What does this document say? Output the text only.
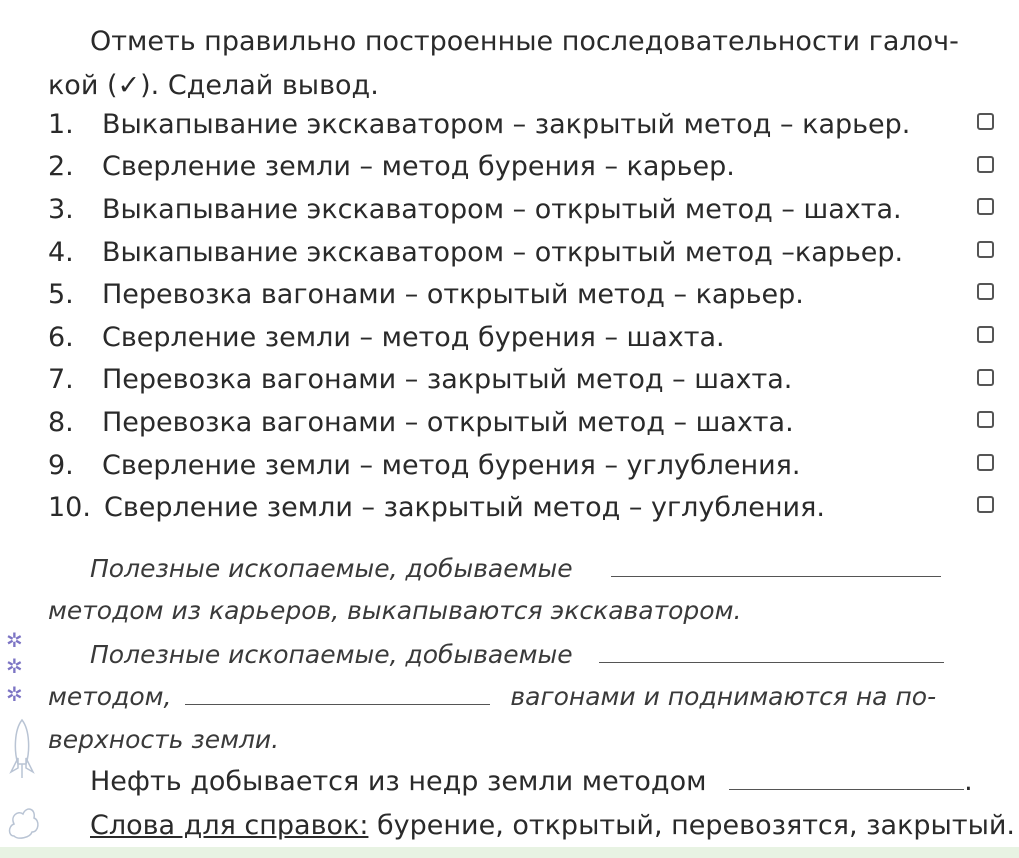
Отметь правильно построенные последовательности галоч-
кой (✓). Сделай вывод.
1.	Выкапывание экскаватором – закрытый метод – карьер.
2.	Сверление земли – метод бурения – карьер.
3.	Выкапывание экскаватором – открытый метод – шахта.
4.	Выкапывание экскаватором – открытый метод –карьер.
5.	Перевозка вагонами – открытый метод – карьер.
6.	Сверление земли – метод бурения – шахта.
7.	Перевозка вагонами – закрытый метод – шахта.
8.	Перевозка вагонами – открытый метод – шахта.
9.	Сверление земли – метод бурения – углубления.
10. Сверление земли – закрытый метод – углубления.
Полезные ископаемые, добываемые
методом из карьеров, выкапываются экскаватором.
Полезные ископаемые, добываемые
методом,	вагонами и поднимаются на по-
верхность земли.
Нефть добывается из недр земли методом	.
Слова для справок: бурение, открытый, перевозятся, закрытый.
✲
✲
✲
